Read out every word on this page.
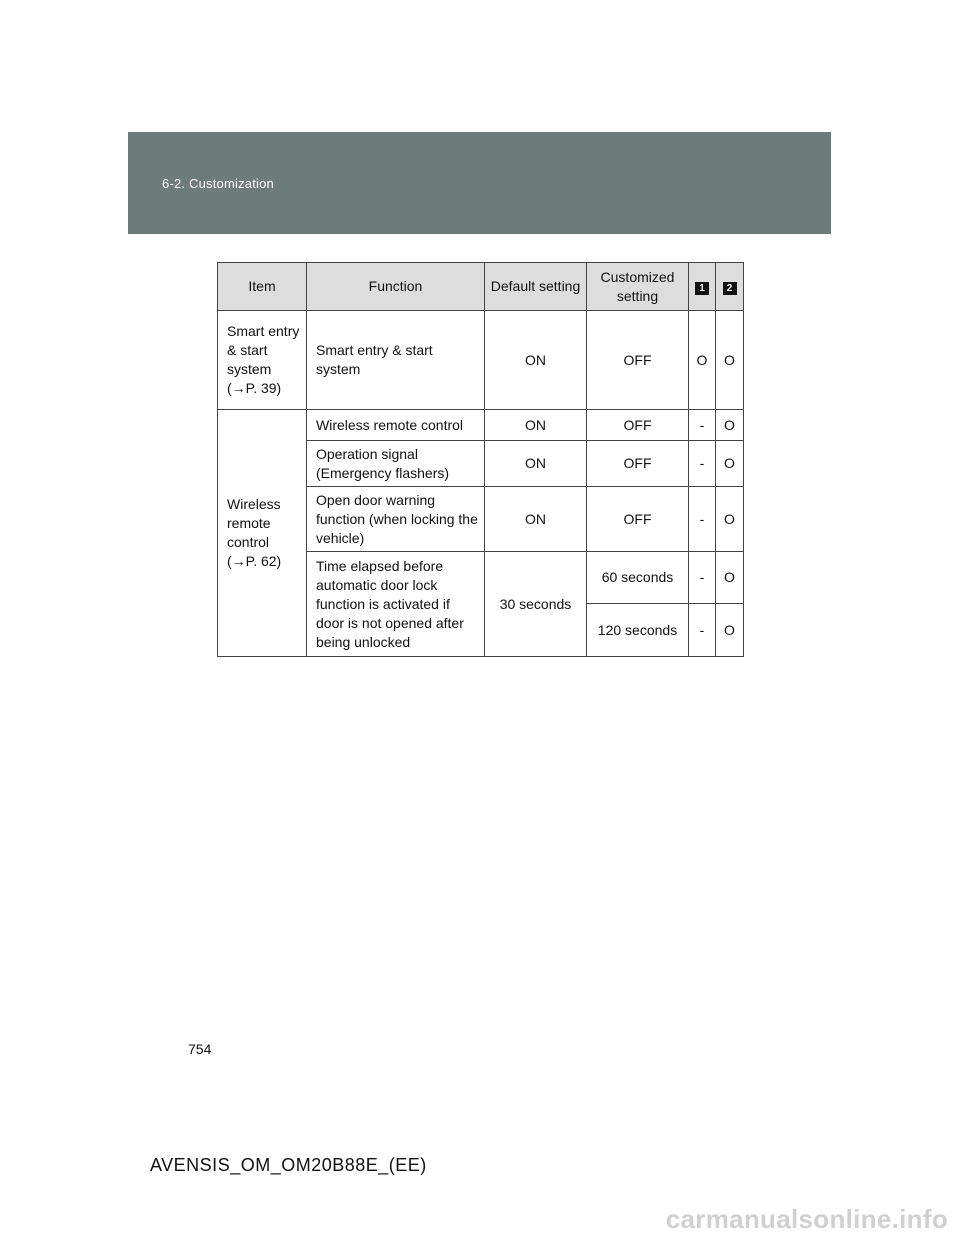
6-2. Customization
Item	Function	Default setting	Customized setting	1	2
Smart entry & start system (→P. 39)	Smart entry & start system	ON	OFF	O	O
Wireless remote control (→P. 62)	Wireless remote control	ON	OFF	-	O
	Operation signal (Emergency flashers)	ON	OFF	-	O
	Open door warning function (when locking the vehicle)	ON	OFF	-	O
	Time elapsed before automatic door lock function is activated if door is not opened after being unlocked	30 seconds	60 seconds	-	O
			120 seconds	-	O
754
AVENSIS_OM_OM20B88E_(EE)
carmanualsonline.info
